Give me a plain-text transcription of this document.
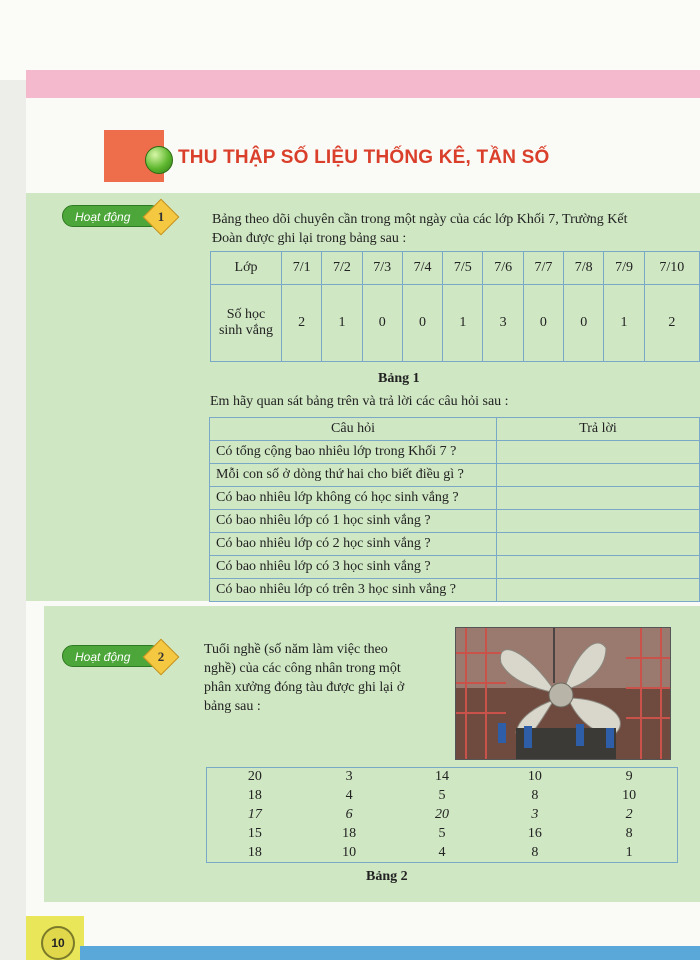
THU THẬP SỐ LIỆU THỐNG KÊ, TẦN SỐ
Hoạt động	1	Bảng theo dõi chuyên cần trong một ngày của các lớp Khối 7, Trường Kết
Đoàn được ghi lại trong bảng sau :
Lớp	7/1	7/2	7/3	7/4	7/5	7/6	7/7	7/8	7/9	7/10
Số học
sinh vắng	2	1	0	0	1	3	0	0	1	2
Bảng 1
Em hãy quan sát bảng trên và trả lời các câu hỏi sau :
Câu hỏi	Trả lời
Có tổng cộng bao nhiêu lớp trong Khối 7 ?	
Mỗi con số ở dòng thứ hai cho biết điều gì ?	
Có bao nhiêu lớp không có học sinh vắng ?	
Có bao nhiêu lớp có 1 học sinh vắng ?	
Có bao nhiêu lớp có 2 học sinh vắng ?	
Có bao nhiêu lớp có 3 học sinh vắng ?	
Có bao nhiêu lớp có trên 3 học sinh vắng ?	
Hoạt động	2	Tuổi nghề (số năm làm việc theo
nghề) của các công nhân trong một
phân xưởng đóng tàu được ghi lại ở
bảng sau :
20	3	14	10	9
18	4	5	8	10
17	6	20	3	2
15	18	5	16	8
18	10	4	8	1
Bảng 2
10
